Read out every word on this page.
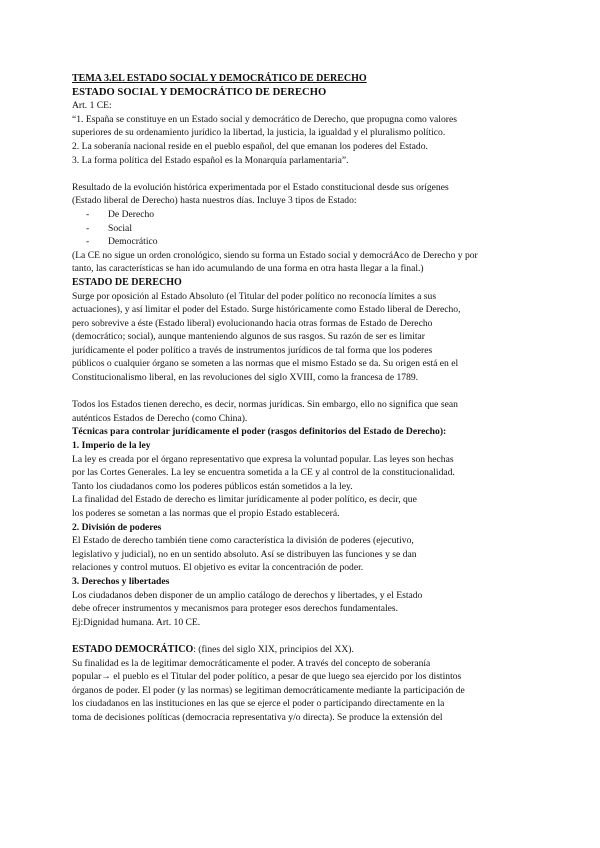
TEMA 3.EL ESTADO SOCIAL Y DEMOCRÁTICO DE DERECHO
ESTADO SOCIAL Y DEMOCRÁTICO DE DERECHO
Art. 1 CE:
“1. España se constituye en un Estado social y democrático de Derecho, que propugna como valores
superiores de su ordenamiento jurídico la libertad, la justicia, la igualdad y el pluralismo político.
2. La soberanía nacional reside en el pueblo español, del que emanan los poderes del Estado.
3. La forma política del Estado español es la Monarquía parlamentaria”.
Resultado de la evolución histórica experimentada por el Estado constitucional desde sus orígenes
(Estado liberal de Derecho) hasta nuestros días. Incluye 3 tipos de Estado:
- De Derecho
- Social
- Democrático
(La CE no sigue un orden cronológico, siendo su forma un Estado social y democráAco de Derecho y por
tanto, las características se han ido acumulando de una forma en otra hasta llegar a la final.)
ESTADO DE DERECHO
Surge por oposición al Estado Absoluto (el Titular del poder político no reconocía límites a sus
actuaciones), y así limitar el poder del Estado. Surge históricamente como Estado liberal de Derecho,
pero sobrevive a éste (Estado liberal) evolucionando hacia otras formas de Estado de Derecho
(democrático; social), aunque manteniendo algunos de sus rasgos. Su razón de ser es limitar
jurídicamente el poder político a través de instrumentos jurídicos de tal forma que los poderes
públicos o cualquier órgano se someten a las normas que el mismo Estado se da. Su origen está en el
Constitucionalismo liberal, en las revoluciones del siglo XVIII, como la francesa de 1789.
Todos los Estados tienen derecho, es decir, normas jurídicas. Sin embargo, ello no significa que sean
auténticos Estados de Derecho (como China).
Técnicas para controlar jurídicamente el poder (rasgos definitorios del Estado de Derecho):
1. Imperio de la ley
La ley es creada por el órgano representativo que expresa la voluntad popular. Las leyes son hechas
por las Cortes Generales. La ley se encuentra sometida a la CE y al control de la constitucionalidad.
Tanto los ciudadanos como los poderes públicos están sometidos a la ley.
La finalidad del Estado de derecho es limitar jurídicamente al poder político, es decir, que
los poderes se sometan a las normas que el propio Estado establecerá.
2. División de poderes
El Estado de derecho también tiene como característica la división de poderes (ejecutivo,
legislativo y judicial), no en un sentido absoluto. Así se distribuyen las funciones y se dan
relaciones y control mutuos. El objetivo es evitar la concentración de poder.
3. Derechos y libertades
Los ciudadanos deben disponer de un amplio catálogo de derechos y libertades, y el Estado
debe ofrecer instrumentos y mecanismos para proteger esos derechos fundamentales.
Ej:Dignidad humana. Art. 10 CE.
ESTADO DEMOCRÁTICO: (fines del siglo XIX, principios del XX).
Su finalidad es la de legitimar democráticamente el poder. A través del concepto de soberanía
popular→ el pueblo es el Titular del poder político, a pesar de que luego sea ejercido por los distintos
órganos de poder. El poder (y las normas) se legitiman democráticamente mediante la participación de
los ciudadanos en las instituciones en las que se ejerce el poder o participando directamente en la
toma de decisiones políticas (democracia representativa y/o directa). Se produce la extensión del
